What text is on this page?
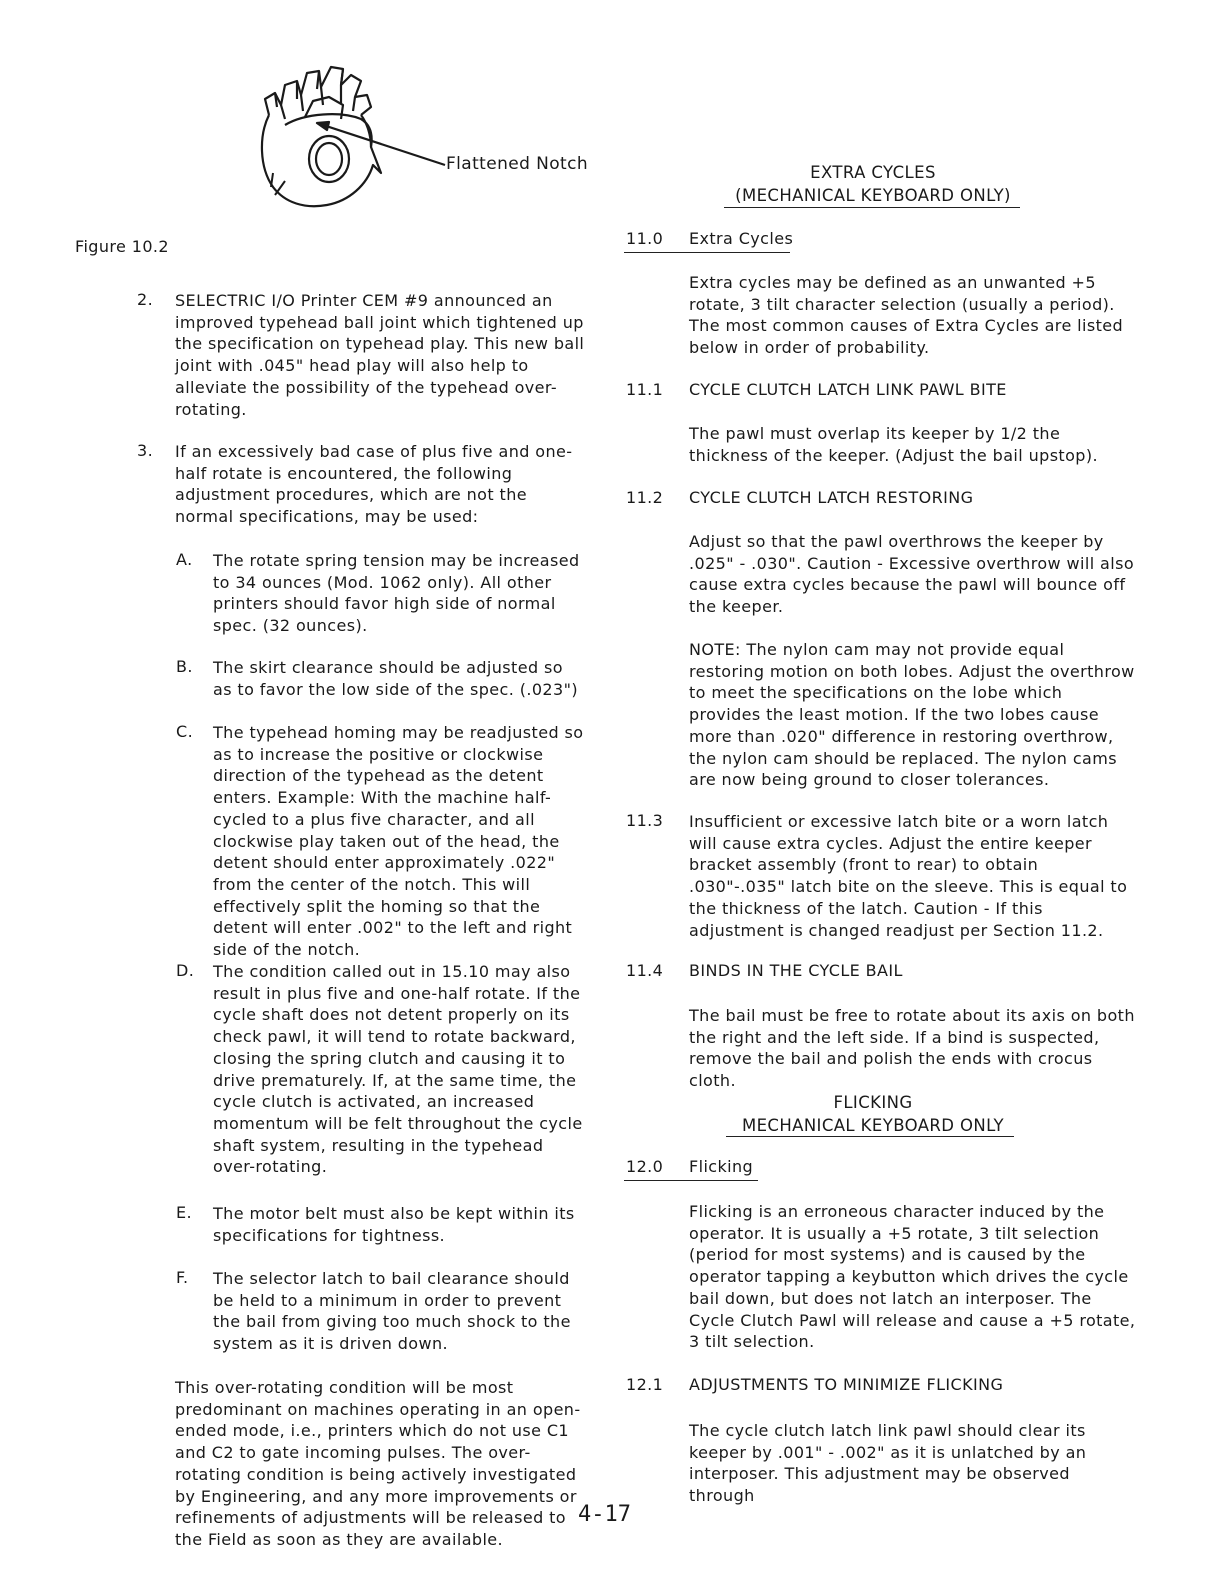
Flattened Notch
Figure 10.2
2. SELECTRIC I/O Printer CEM #9 announced an improved typehead ball joint which tightened up the specification on typehead play. This new ball joint with .045" head play will also help to alleviate the possibility of the typehead over-rotating.
3. If an excessively bad case of plus five and one-half rotate is encountered, the following adjustment procedures, which are not the normal specifications, may be used:
A. The rotate spring tension may be increased to 34 ounces (Mod. 1062 only). All other printers should favor high side of normal spec. (32 ounces).
B. The skirt clearance should be adjusted so as to favor the low side of the spec. (.023")
C. The typehead homing may be readjusted so as to increase the positive or clockwise direction of the typehead as the detent enters. Example: With the machine half-cycled to a plus five character, and all clockwise play taken out of the head, the detent should enter approximately .022" from the center of the notch. This will effectively split the homing so that the detent will enter .002" to the left and right side of the notch.
D. The condition called out in 15.10 may also result in plus five and one-half rotate. If the cycle shaft does not detent properly on its check pawl, it will tend to rotate backward, closing the spring clutch and causing it to drive prematurely. If, at the same time, the cycle clutch is activated, an increased momentum will be felt throughout the cycle shaft system, resulting in the typehead over-rotating.
E. The motor belt must also be kept within its specifications for tightness.
F. The selector latch to bail clearance should be held to a minimum in order to prevent the bail from giving too much shock to the system as it is driven down.
This over-rotating condition will be most predominant on machines operating in an open-ended mode, i.e., printers which do not use C1 and C2 to gate incoming pulses. The over-rotating condition is being actively investigated by Engineering, and any more improvements or refinements of adjustments will be released to the Field as soon as they are available.
EXTRA CYCLES
(MECHANICAL KEYBOARD ONLY)
11.0 Extra Cycles
Extra cycles may be defined as an unwanted +5 rotate, 3 tilt character selection (usually a period). The most common causes of Extra Cycles are listed below in order of probability.
11.1 CYCLE CLUTCH LATCH LINK PAWL BITE
The pawl must overlap its keeper by 1/2 the thickness of the keeper. (Adjust the bail upstop).
11.2 CYCLE CLUTCH LATCH RESTORING
Adjust so that the pawl overthrows the keeper by .025" - .030". Caution - Excessive overthrow will also cause extra cycles because the pawl will bounce off the keeper.
NOTE: The nylon cam may not provide equal restoring motion on both lobes. Adjust the overthrow to meet the specifications on the lobe which provides the least motion. If the two lobes cause more than .020" difference in restoring overthrow, the nylon cam should be replaced. The nylon cams are now being ground to closer tolerances.
11.3 Insufficient or excessive latch bite or a worn latch will cause extra cycles. Adjust the entire keeper bracket assembly (front to rear) to obtain .030"-.035" latch bite on the sleeve. This is equal to the thickness of the latch. Caution - If this adjustment is changed readjust per Section 11.2.
11.4 BINDS IN THE CYCLE BAIL
The bail must be free to rotate about its axis on both the right and the left side. If a bind is suspected, remove the bail and polish the ends with crocus cloth.
FLICKING
MECHANICAL KEYBOARD ONLY
12.0 Flicking
Flicking is an erroneous character induced by the operator. It is usually a +5 rotate, 3 tilt selection (period for most systems) and is caused by the operator tapping a keybutton which drives the cycle bail down, but does not latch an interposer. The Cycle Clutch Pawl will release and cause a +5 rotate, 3 tilt selection.
12.1 ADJUSTMENTS TO MINIMIZE FLICKING
The cycle clutch latch link pawl should clear its keeper by .001" - .002" as it is unlatched by an interposer. This adjustment may be observed through
4-17
